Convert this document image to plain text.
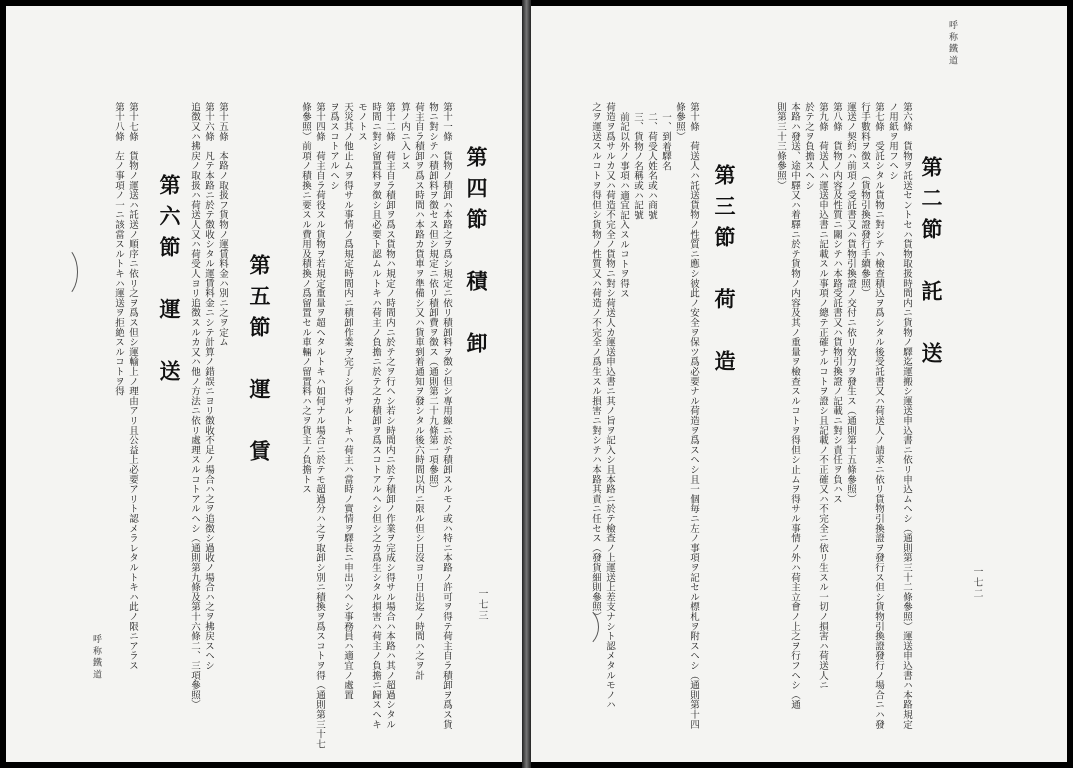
呼 称 鐵 道
一七三
第四節　積　卸
第五節　運　賃
第六節　運　送	第十一條　貨物ノ積卸ハ本路之ヲ爲シ規定ニ依リ積卸料ヲ徴シ但シ專用線ニ於テ積卸スルモノ或ハ特ニ本路ノ許可ヲ得テ荷主自ラ積卸ヲ爲ス貨
物ニ對シテハ積卸料ヲ徴セス但シ規定ニ依リ積卸費ヲ徴ス（通則第二十九條第一項參照）
荷主自ラ積卸ヲ爲ス時間ハ本路カ貨車ヲ準備シ又ハ貨車到着通知ヲ發シタル後六時間以内ニ限ル但シ日沒ヨリ日出迄ノ時間ハ之ヲ計
算ノ内ニ入レス
第十二條　荷主自ラ積卸ヲ爲ス貨物ハ規定ノ時間内ニ於テ之ヲ行ヘシ若シ時間内ニ於テ積卸ノ作業ヲ完成シ得サル場合ハ本路ハ其ノ超過シタル
時間ニ對シ留置料ヲ徴シ且必要ト認ムルトキハ荷主ノ負擔ニ於テ之カ積卸ヲ爲スコトアルヘシ但シ之カ爲生シタル損害ハ荷主ノ負擔ニ歸スヘキ
モノトス
天災其ノ他止ムヲ得サル事情ノ爲規定時間内ニ積卸作業ヲ完了シ得サルトキハ荷主ハ當時ノ實情ヲ驛長ニ申出ツヘシ事務員ハ適宜ノ處置
ヲ爲スコトアルヘシ
第十四條　荷主自ラ荷役スル貨物ヲ若規定重量ヲ超ヘタルトキハ如何ナル場合ニ於テモ超過分ハ之ヲ取卸シ別ニ積換ヲ爲スコトヲ得（通則第三十七
條參照）前項ノ積換ニ要スル費用及積換ノ爲留置セル車輛ノ留置料ハ之ヲ貨主ノ負擔トス
第十五條　本路ノ取扱フ貨物ノ運賃料金ハ別ニ之ヲ定ム
第十六條　凡テ本路ニ於テ徴收シタル運賃料金ニシテ計算ノ錯誤ニヨリ徴收不足ノ場合ハ之ヲ追徴シ過收ノ場合ハ之ヲ拂戻スヘシ
追徴又ハ拂戻ノ取扱ハ荷送人又ハ荷受人ヨリ追徴スルカ又ハ他ノ方法ニ依リ處理スルコトアルヘシ（通則第九條及第十六條二、三項參照）
第十七條　貨物ノ運送ハ託送ノ順序ニ依リ之ヲ爲ス但シ運輸上ノ理由アリ且公益上必要アリト認メラレタルトキハ此ノ限ニアラス
第十八條　左ノ事項ノ一ニ該當スルトキハ運送ヲ拒絶スルコトヲ得
呼 称 鐵 道
一七二
第二節　託　送
第三節　荷　造	第六條　貨物ヲ託送セントセハ貨物取扱時間内ニ貨物ノ驛迄運搬シ運送申込書ニ依リ申込ムヘシ（通則第三十二條參照）運送申込書ハ本路規定
ノ用紙ヲ用フヘシ
第七條　受託シタル貨物ニ對シテハ檢查積込ヲ爲シタル後受託書又ハ荷送人ノ請求ニ依リ貨物引換證ヲ發行ス但シ貨物引換證發行ノ場合ニハ發
行手數料ヲ徴ス（貨物引換證發行手續參照）
運送ノ契約ハ前項ノ受託書又ハ貨物引換證ノ交付ニ依リ效力ヲ發生ス（通則第十五條參照）
第八條　貨物ノ内容及性質ニ關シテハ本路受託書又ハ貨物引換證ノ記載ニ對シ責任ヲ負ハス
第九條　荷送人ハ運送申込書ニ記載スル事項ノ總テ正確ナルコトヲ證シ且記載ノ不正確又ハ不完全ニ依リ生スル一切ノ損害ハ荷送人ニ
於テ之ヲ負擔スヘシ
本路ハ發送、途中驛又ハ着驛ニ於テ貨物ノ内容及其ノ重量ヲ檢查スルコトヲ得但シ止ムヲ得サル事情ノ外ハ荷主立會ノ上之ヲ行フヘシ（通
則第三十三條參照）
第十條　荷送人ハ託送貨物ノ性質ニ應シ彼此ノ安全ヲ保ツ爲必要ナル荷造ヲ爲スヘシ且一個毎ニ左ノ事項ヲ記セル標札ヲ附スヘシ（通則第十四
條參照）
一、到着驛名
二、荷受人姓名或ハ商號
三、貨物ノ名稱或ハ記號
前記以外ノ事項ハ適宜記入スルコトヲ得ス
荷造ヲ爲サルカ又ハ荷造不完全ノ貨物ニ對シ荷送人カ運送申込書ニ其ノ旨ヲ記入シ且本路ニ於テ檢查ノ上運送上差支ナシト認メタルモノハ
之ヲ運送スルコトヲ得但シ貨物ノ性質又ハ荷造ノ不完全ノ爲生スル損害ニ對シテハ本路其責ニ任セス（發貨細則參照）
